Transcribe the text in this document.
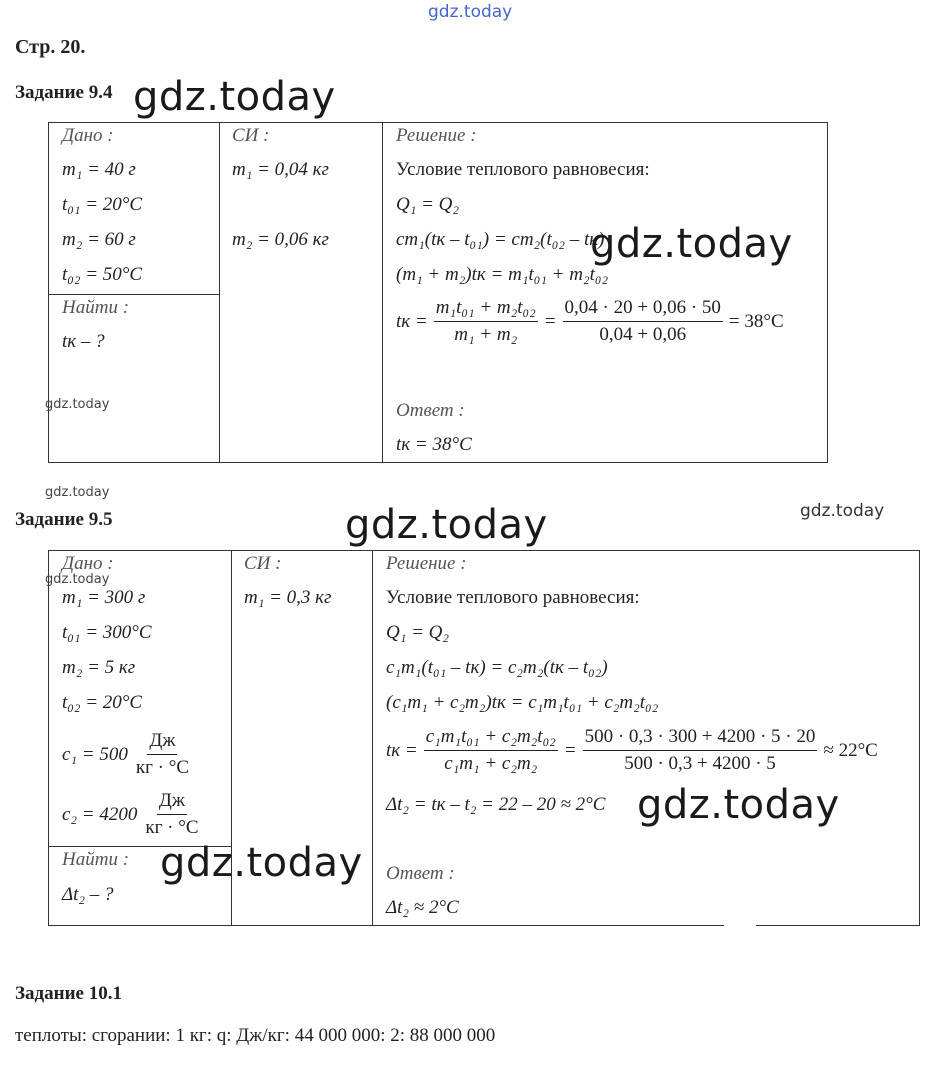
gdz.today
Стр. 20.
Задание 9.4 gdz.today
Дано :
m₁ = 40 г
t₀₁ = 20°C
m₂ = 60 г
t₀₂ = 50°C
Найти :
tк – ?
gdz.today
СИ :
m₁ = 0,04 кг
m₂ = 0,06 кг
Решение :
Условие теплового равновесия:
Q₁ = Q₂
cm₁(tк – t₀₁) = cm₂(t₀₂ – tк)
(m₁ + m₂)tк = m₁t₀₁ + m₂t₀₂
gdz.today
tк = $\frac{\text{m₁t₀₁ + m₂t₀₂}}{\text{m₁ + m₂}} = \frac{0,04 \cdot 20 + 0,06 \cdot 50}{0,04 + 0,06} = 38^\circ C$
Ответ :
tк = 38°C
gdz.today
gdz.today
Задание 9.5	gdz.today
Дано :
gdz.today
m₁ = 300 г
t₀₁ = 300°C
m₂ = 5 кг
t₀₂ = 20°C
$c_1 = 500 \frac{Дж}{кг \cdot ^\circ C}$
$c_2 = 4200 \frac{Дж}{кг \cdot ^\circ C}$
Найти :
Δt₂ – ?
gdz.today
СИ :
m₁ = 0,3 кг
Решение :
Условие теплового равновесия:
Q₁ = Q₂
c₁m₁(t₀₁ – tк) = c₂m₂(tк – t₀₂)
(c₁m₁ + c₂m₂)tк = c₁m₁t₀₁ + c₂m₂t₀₂
tк = $\frac{\text{c₁m₁t₀₁ + c₂m₂t₀₂}}{\text{c₁m₁ + c₂m₂}} = \frac{500 \cdot 0,3 \cdot 300 + 4200 \cdot 5 \cdot 20}{500 \cdot 0,3 + 4200 \cdot 5} \approx 22^\circ C$
Δt₂ = tк – t₂ = 22 – 20 ≈ 2°C gdz.today
Ответ :
Δt₂ ≈ 2°C
Задание 10.1
теплоты: сгорании: 1 кг: q: Дж/кг: 44 000 000: 2: 88 000 000
